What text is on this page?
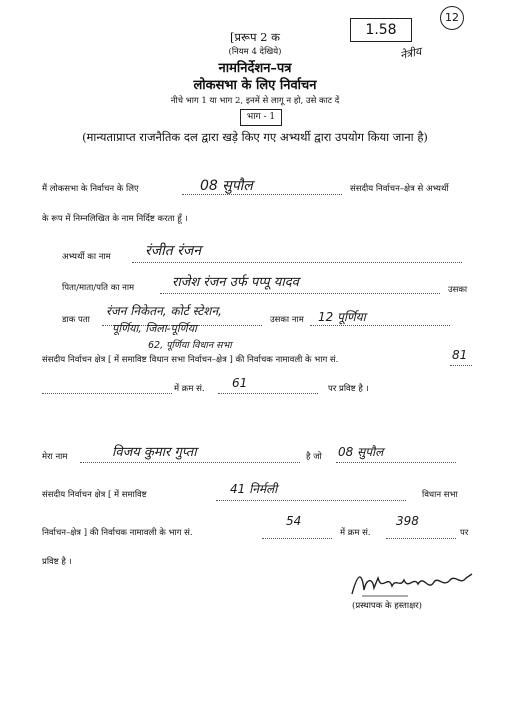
[प्ररूप 2 क
(नियम 4 देखिये)
नामनिर्देशन–पत्र
लोकसभा के लिए निर्वाचन
नीचे भाग 1 या भाग 2, इनमें से लागू न हो, उसे काट दें
भाग - 1
(मान्यताप्राप्त राजनैतिक दल द्वारा खड़े किए गए अभ्यर्थी द्वारा उपयोग किया जाना है)
1.58
12
नेत्रीय
मैं लोकसभा के निर्वाचन के लिए	08 सुपौल	संसदीय निर्वाचन–क्षेत्र से अभ्यर्थी
के रूप में निम्नलिखित के नाम निर्दिष्ट करता हूँ ।
अभ्यर्थी का नाम रंजीत रंजन
पिता/माता/पति का नाम	राजेश रंजन उर्फ पप्पू यादव	उसका
डाक पता
रंजन निकेतन, कोर्ट स्टेशन,
पूर्णिया, जिला-पूर्णिया
उसका नाम 12 पूर्णिया
62, पूर्णिया विधान सभा
संसदीय निर्वाचन क्षेत्र [ में समाविष्ट विधान सभा निर्वाचन–क्षेत्र ] की निर्वाचक नामावली के भाग सं.	81
में क्रम सं. 61	पर प्रविष्ट है ।
मेरा नाम	विजय कुमार गुप्ता	है जो 08 सुपौल
संसदीय निर्वाचन क्षेत्र [ में समाविष्ट	41 निर्मली	विधान सभा
निर्वाचन–क्षेत्र ] की निर्वाचक नामावली के भाग सं.
54
में क्रम सं.
398
पर
प्रविष्ट है ।
(प्रस्थापक के हस्ताक्षर)
